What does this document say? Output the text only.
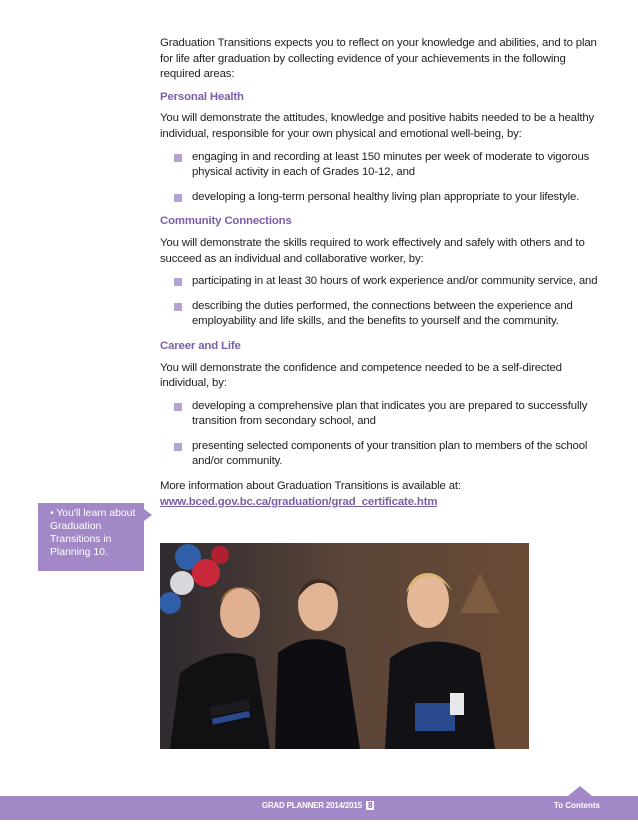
Graduation Transitions expects you to reflect on your knowledge and abilities, and to plan for life after graduation by collecting evidence of your achievements in the following required areas:

Personal Health

You will demonstrate the attitudes, knowledge and positive habits needed to be a healthy individual, responsible for your own physical and emotional well-being, by:

engaging in and recording at least 150 minutes per week of moderate to vigorous physical activity in each of Grades 10-12, and
developing a long-term personal healthy living plan appropriate to your lifestyle.

Community Connections

You will demonstrate the skills required to work effectively and safely with others and to succeed as an individual and collaborative worker, by:

participating in at least 30 hours of work experience and/or community service, and
describing the duties performed, the connections between the experience and employability and life skills, and the benefits to yourself and the community.

Career and Life

You will demonstrate the confidence and competence needed to be a self-directed individual, by:

developing a comprehensive plan that indicates you are prepared to successfully transition from secondary school, and
presenting selected components of your transition plan to members of the school and/or community.

More information about Graduation Transitions is available at:

www.bced.gov.bc.ca/graduation/grad_certificate.htm
• You'll learn about Graduation Transitions in Planning 10.
GRAD PLANNER 2014/2015 8	To Contents
